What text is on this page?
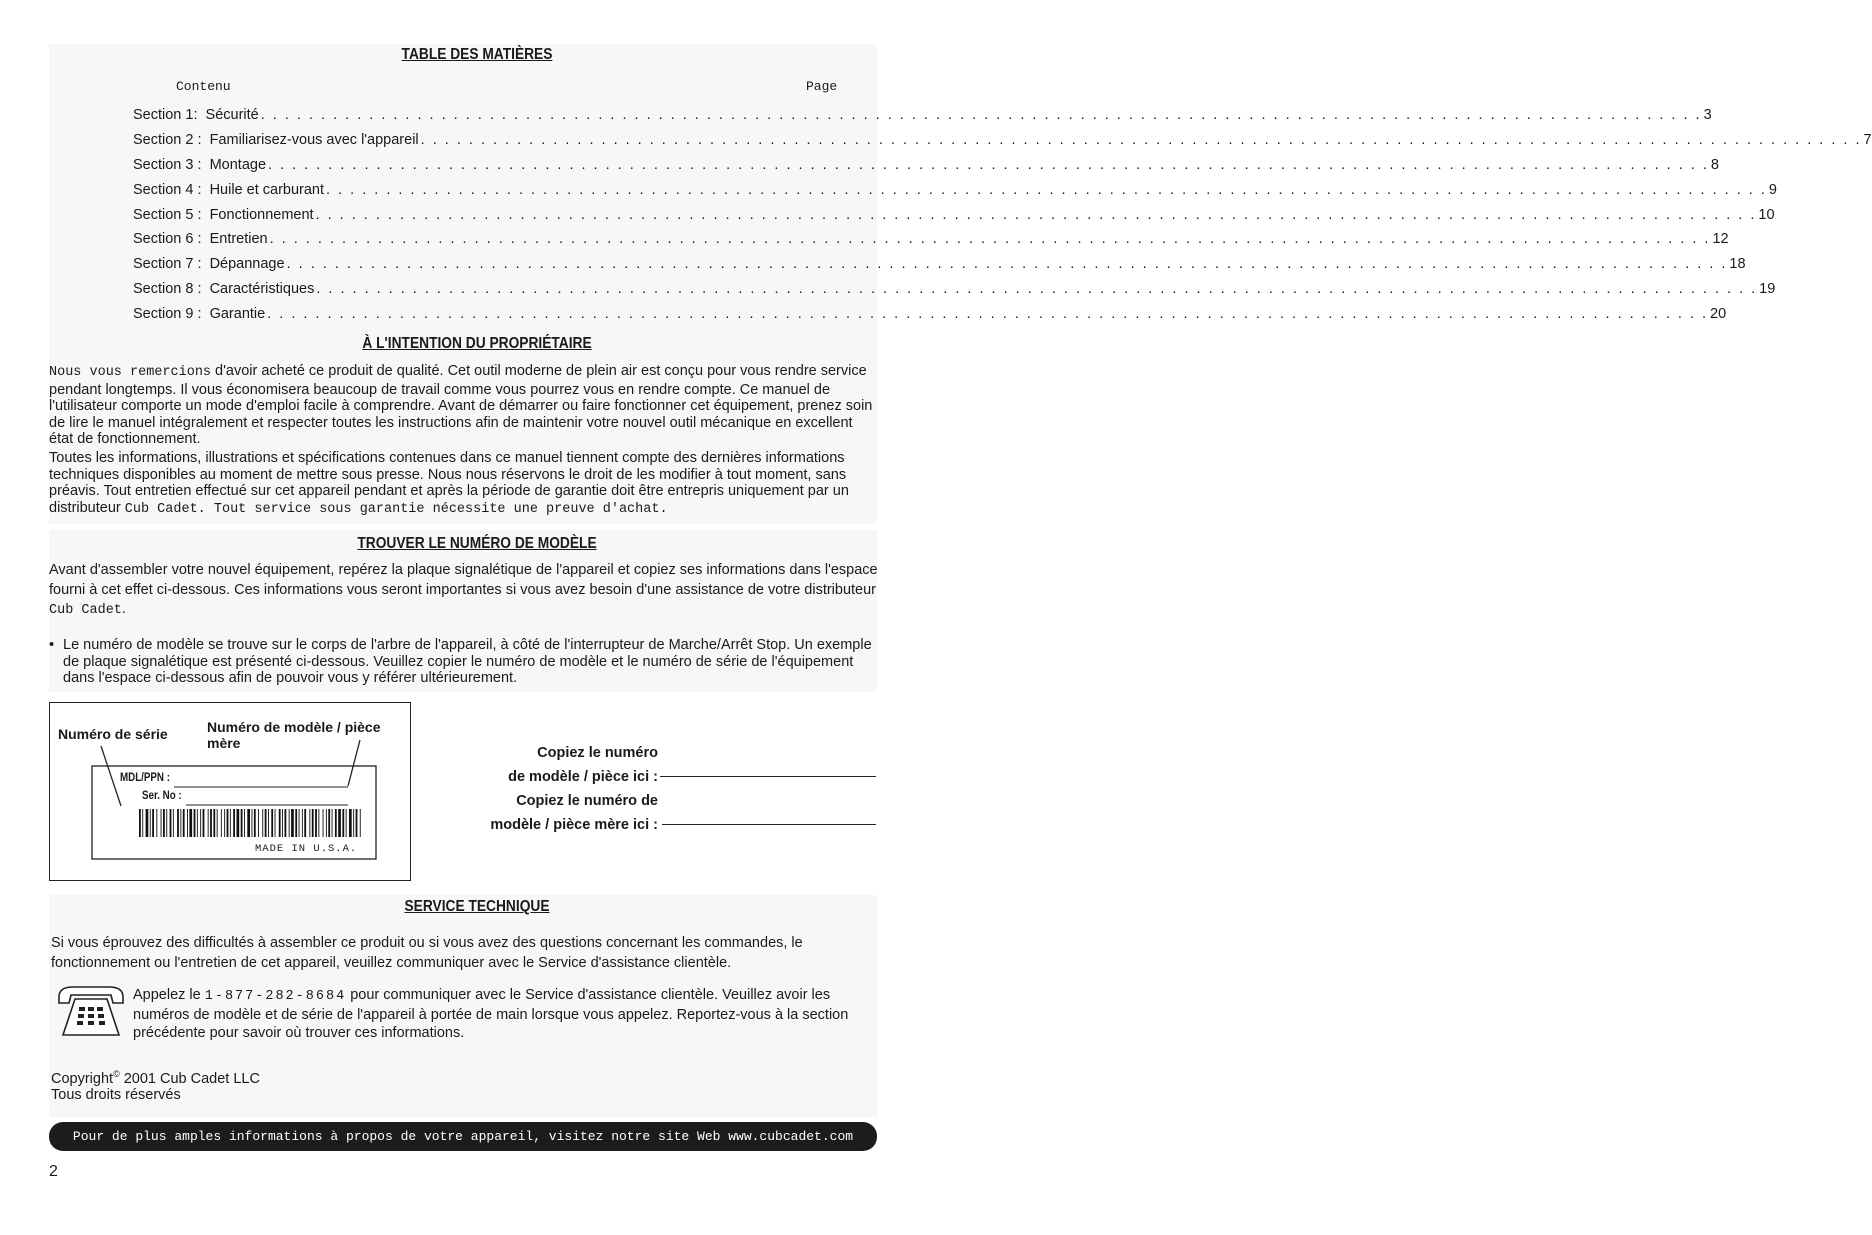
TABLE DES MATIÈRES
Contenu	Page
Section 1: Sécurité . . . . . . . . . . . . . . . . . . . . . . . . . . . . . . . . . . . . . . . . . . . . . . . . . . . . . . . . . . . . . . . . . . . . . . . . . . . . . . . . . . . . . . . . . . . . . . . . . . . . . . . . . . . . . . . . . . . . . . . . 3
Section 2 : Familiarisez-vous avec l'appareil . . . . . . . . . . . . . . . . . . . . . . . . . . . . . . . . . . . . . . . . . . . . . . . . . . . . . . . . . . . . . . . . . . . . . . . . . . . . . . . . . . . . . . . . . . . . . . . . . . . . . . . . . . . . . . . . . . . . . . . . 7
Section 3 : Montage . . . . . . . . . . . . . . . . . . . . . . . . . . . . . . . . . . . . . . . . . . . . . . . . . . . . . . . . . . . . . . . . . . . . . . . . . . . . . . . . . . . . . . . . . . . . . . . . . . . . . . . . . . . . . . . . . . . . . . . . 8
Section 4 : Huile et carburant . . . . . . . . . . . . . . . . . . . . . . . . . . . . . . . . . . . . . . . . . . . . . . . . . . . . . . . . . . . . . . . . . . . . . . . . . . . . . . . . . . . . . . . . . . . . . . . . . . . . . . . . . . . . . . . . . . . . . . . . 9
Section 5 : Fonctionnement . . . . . . . . . . . . . . . . . . . . . . . . . . . . . . . . . . . . . . . . . . . . . . . . . . . . . . . . . . . . . . . . . . . . . . . . . . . . . . . . . . . . . . . . . . . . . . . . . . . . . . . . . . . . . . . . . . . . . . . . 10
Section 6 : Entretien . . . . . . . . . . . . . . . . . . . . . . . . . . . . . . . . . . . . . . . . . . . . . . . . . . . . . . . . . . . . . . . . . . . . . . . . . . . . . . . . . . . . . . . . . . . . . . . . . . . . . . . . . . . . . . . . . . . . . . . . 12
Section 7 : Dépannage . . . . . . . . . . . . . . . . . . . . . . . . . . . . . . . . . . . . . . . . . . . . . . . . . . . . . . . . . . . . . . . . . . . . . . . . . . . . . . . . . . . . . . . . . . . . . . . . . . . . . . . . . . . . . . . . . . . . . . . . 18
Section 8 : Caractéristiques . . . . . . . . . . . . . . . . . . . . . . . . . . . . . . . . . . . . . . . . . . . . . . . . . . . . . . . . . . . . . . . . . . . . . . . . . . . . . . . . . . . . . . . . . . . . . . . . . . . . . . . . . . . . . . . . . . . . . . . . 19
Section 9 : Garantie . . . . . . . . . . . . . . . . . . . . . . . . . . . . . . . . . . . . . . . . . . . . . . . . . . . . . . . . . . . . . . . . . . . . . . . . . . . . . . . . . . . . . . . . . . . . . . . . . . . . . . . . . . . . . . . . . . . . . . . . 20
À L'INTENTION DU PROPRIÉTAIRE
Nous vous remercions d'avoir acheté ce produit de qualité. Cet outil moderne de plein air est conçu pour vous rendre service pendant longtemps. Il vous économisera beaucoup de travail comme vous pourrez vous en rendre compte. Ce manuel de l'utilisateur comporte un mode d'emploi facile à comprendre. Avant de démarrer ou faire fonctionner cet équipement, prenez soin de lire le manuel intégralement et respecter toutes les instructions afin de maintenir votre nouvel outil mécanique en excellent état de fonctionnement.
Toutes les informations, illustrations et spécifications contenues dans ce manuel tiennent compte des dernières informations techniques disponibles au moment de mettre sous presse. Nous nous réservons le droit de les modifier à tout moment, sans préavis. Tout entretien effectué sur cet appareil pendant et après la période de garantie doit être entrepris uniquement par un distributeur Cub Cadet. Tout service sous garantie nécessite une preuve d'achat.
TROUVER LE NUMÉRO DE MODÈLE
Avant d'assembler votre nouvel équipement, repérez la plaque signalétique de l'appareil et copiez ses informations dans l'espace fourni à cet effet ci-dessous. Ces informations vous seront importantes si vous avez besoin d'une assistance de votre distributeur Cub Cadet.
• Le numéro de modèle se trouve sur le corps de l'arbre de l'appareil, à côté de l'interrupteur de Marche/Arrêt Stop. Un exemple de plaque signalétique est présenté ci-dessous. Veuillez copier le numéro de modèle et le numéro de série de l'équipement dans l'espace ci-dessous afin de pouvoir vous y référer ultérieurement.
Numéro de série	Numéro de modèle / pièce mère
MDL/PPN :
Ser. No :
MADE IN U.S.A.
Copiez le numéro
de modèle / pièce ici :
Copiez le numéro de
modèle / pièce mère ici :
SERVICE TECHNIQUE
Si vous éprouvez des difficultés à assembler ce produit ou si vous avez des questions concernant les commandes, le fonctionnement ou l'entretien de cet appareil, veuillez communiquer avec le Service d'assistance clientèle.
Appelez le 1-877-282-8684 pour communiquer avec le Service d'assistance clientèle. Veuillez avoir les numéros de modèle et de série de l'appareil à portée de main lorsque vous appelez. Reportez-vous à la section précédente pour savoir où trouver ces informations.
Copyright© 2001 Cub Cadet LLC
Tous droits réservés
Pour de plus amples informations à propos de votre appareil, visitez notre site Web www.cubcadet.com
2
